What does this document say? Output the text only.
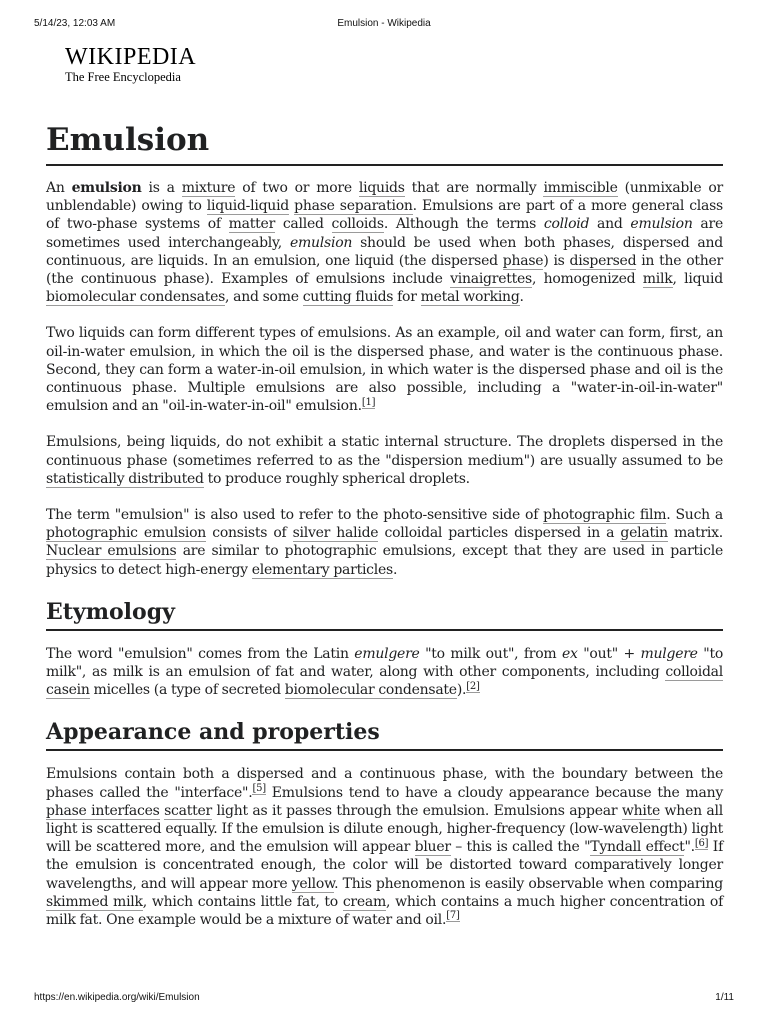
5/14/23, 12:03 AM	Emulsion - Wikipedia
WIKIPEDIA
The Free Encyclopedia
Emulsion

An emulsion is a mixture of two or more liquids that are normally immiscible (unmixable or unblendable) owing to liquid-liquid phase separation. Emulsions are part of a more general class of two-phase systems of matter called colloids. Although the terms colloid and emulsion are sometimes used interchangeably, emulsion should be used when both phases, dispersed and continuous, are liquids. In an emulsion, one liquid (the dispersed phase) is dispersed in the other (the continuous phase). Examples of emulsions include vinaigrettes, homogenized milk, liquid biomolecular condensates, and some cutting fluids for metal working.

Two liquids can form different types of emulsions. As an example, oil and water can form, first, an oil-in-water emulsion, in which the oil is the dispersed phase, and water is the continuous phase. Second, they can form a water-in-oil emulsion, in which water is the dispersed phase and oil is the continuous phase. Multiple emulsions are also possible, including a "water-in-oil-in-water" emulsion and an "oil-in-water-in-oil" emulsion.[1]

Emulsions, being liquids, do not exhibit a static internal structure. The droplets dispersed in the continuous phase (sometimes referred to as the "dispersion medium") are usually assumed to be statistically distributed to produce roughly spherical droplets.

The term "emulsion" is also used to refer to the photo-sensitive side of photographic film. Such a photographic emulsion consists of silver halide colloidal particles dispersed in a gelatin matrix. Nuclear emulsions are similar to photographic emulsions, except that they are used in particle physics to detect high-energy elementary particles.

Etymology

The word "emulsion" comes from the Latin emulgere "to milk out", from ex "out" + mulgere "to milk", as milk is an emulsion of fat and water, along with other components, including colloidal casein micelles (a type of secreted biomolecular condensate).[2]

Appearance and properties

Emulsions contain both a dispersed and a continuous phase, with the boundary between the phases called the "interface".[5] Emulsions tend to have a cloudy appearance because the many phase interfaces scatter light as it passes through the emulsion. Emulsions appear white when all light is scattered equally. If the emulsion is dilute enough, higher-frequency (low-wavelength) light will be scattered more, and the emulsion will appear bluer – this is called the "Tyndall effect".[6] If the emulsion is concentrated enough, the color will be distorted toward comparatively longer wavelengths, and will appear more yellow. This phenomenon is easily observable when comparing skimmed milk, which contains little fat, to cream, which contains a much higher concentration of milk fat. One example would be a mixture of water and oil.[7]

https://en.wikipedia.org/wiki/Emulsion	1/11
